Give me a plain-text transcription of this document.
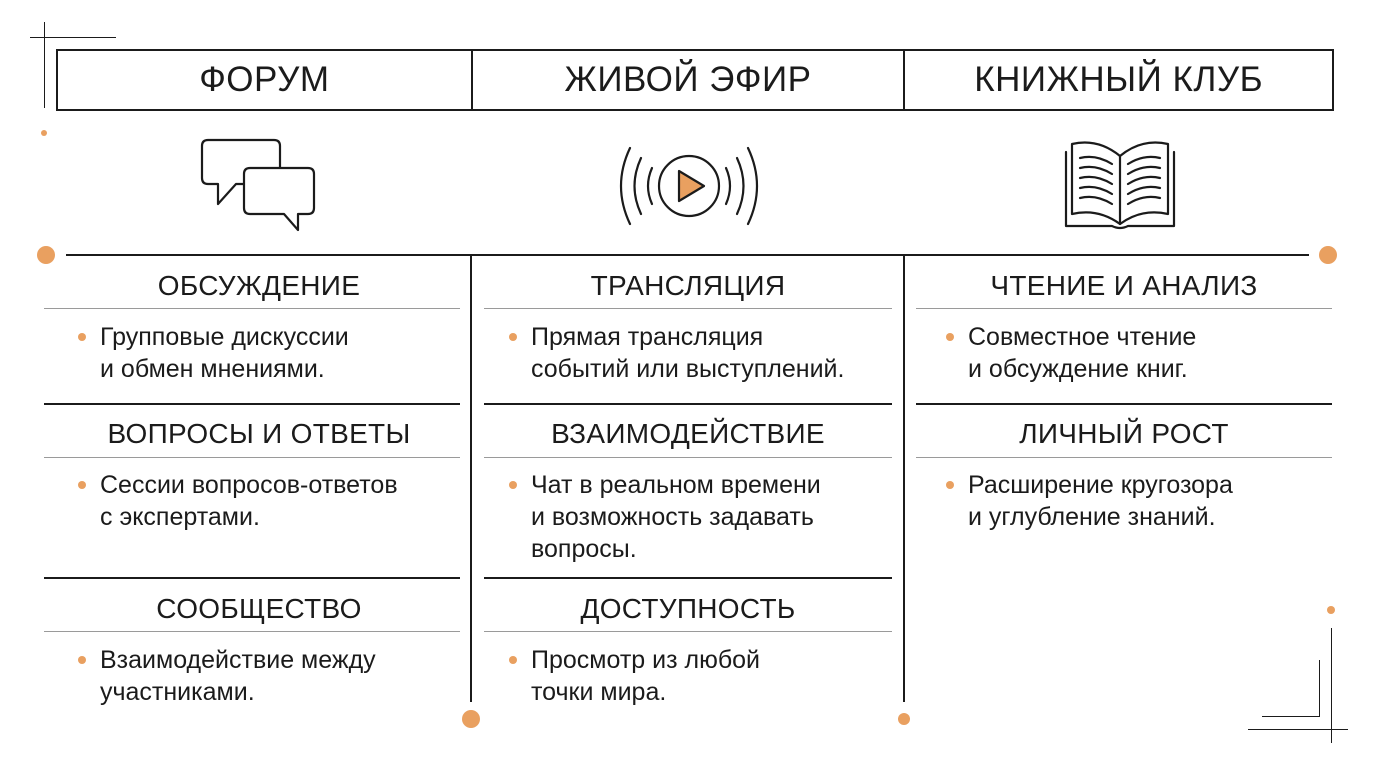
ФОРУМ	ЖИВОЙ ЭФИР	КНИЖНЫЙ КЛУБ
ОБСУЖДЕНИЕ
Групповые дискуссии
и обмен мнениями.
ВОПРОСЫ И ОТВЕТЫ
Сессии вопросов-ответов
с экспертами.
СООБЩЕСТВО
Взаимодействие между
участниками.
ТРАНСЛЯЦИЯ
Прямая трансляция
событий или выступлений.
ВЗАИМОДЕЙСТВИЕ
Чат в реальном времени
и возможность задавать
вопросы.
ДОСТУПНОСТЬ
Просмотр из любой
точки мира.
ЧТЕНИЕ И АНАЛИЗ
Совместное чтение
и обсуждение книг.
ЛИЧНЫЙ РОСТ
Расширение кругозора
и углубление знаний.
